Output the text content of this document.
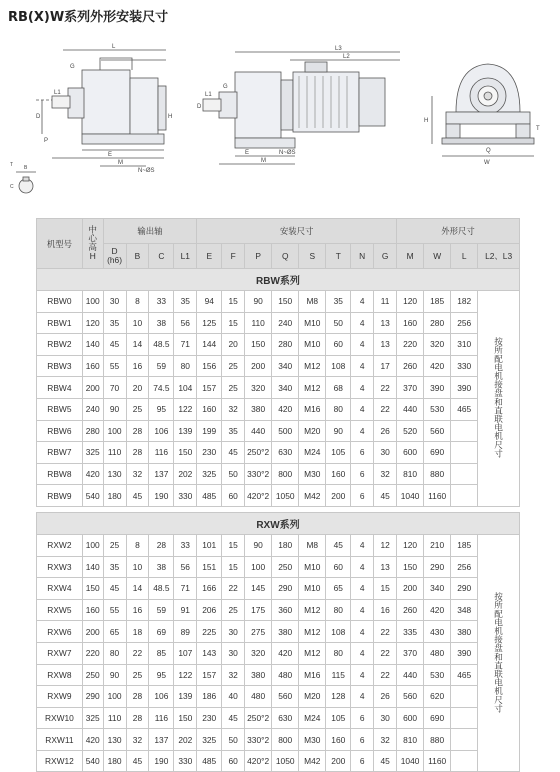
RB(X)W系列外形安装尺寸
L
G
L1
M
N~ØS
E
D
P
H
T
C
B
L3
L2
G
L1
M
N~ØS
E
D
W
Q
T
H
机型号	中心高H	输出轴				安装尺寸								外形尺寸			
		D
(h6)	B	C	L1	E	F	P	Q	S	T	N	G	M	W	L	L2、L3
RBW系列																	
RBW0	100	30	8	33	35	94	15	90	150	M8	35	4	11	120	185	182	按所配电机接盘和直联电机尺寸
RBW1	120	35	10	38	56	125	15	110	240	M10	50	4	13	160	280	256	
RBW2	140	45	14	48.5	71	144	20	150	280	M10	60	4	13	220	320	310	
RBW3	160	55	16	59	80	156	25	200	340	M12	108	4	17	260	420	330	
RBW4	200	70	20	74.5	104	157	25	320	340	M12	68	4	22	370	390	390	
RBW5	240	90	25	95	122	160	32	380	420	M16	80	4	22	440	530	465	
RBW6	280	100	28	106	139	199	35	440	500	M20	90	4	26	520	560		
RBW7	325	110	28	116	150	230	45	250°2	630	M24	105	6	30	600	690		
RBW8	420	130	32	137	202	325	50	330°2	800	M30	160	6	32	810	880		
RBW9	540	180	45	190	330	485	60	420°2	1050	M42	200	6	45	1040	1160		

RXW系列																	
RXW2	100	25	8	28	33	101	15	90	180	M8	45	4	12	120	210	185	按所配电机接盘和直联电机尺寸
RXW3	140	35	10	38	56	151	15	100	250	M10	60	4	13	150	290	256	
RXW4	150	45	14	48.5	71	166	22	145	290	M10	65	4	15	200	340	290	
RXW5	160	55	16	59	91	206	25	175	360	M12	80	4	16	260	420	348	
RXW6	200	65	18	69	89	225	30	275	380	M12	108	4	22	335	430	380	
RXW7	220	80	22	85	107	143	30	320	420	M12	80	4	22	370	480	390	
RXW8	250	90	25	95	122	157	32	380	480	M16	115	4	22	440	530	465	
RXW9	290	100	28	106	139	186	40	480	560	M20	128	4	26	560	620		
RXW10	325	110	28	116	150	230	45	250°2	630	M24	105	6	30	600	690		
RXW11	420	130	32	137	202	325	50	330°2	800	M30	160	6	32	810	880		
RXW12	540	180	45	190	330	485	60	420°2	1050	M42	200	6	45	1040	1160		
